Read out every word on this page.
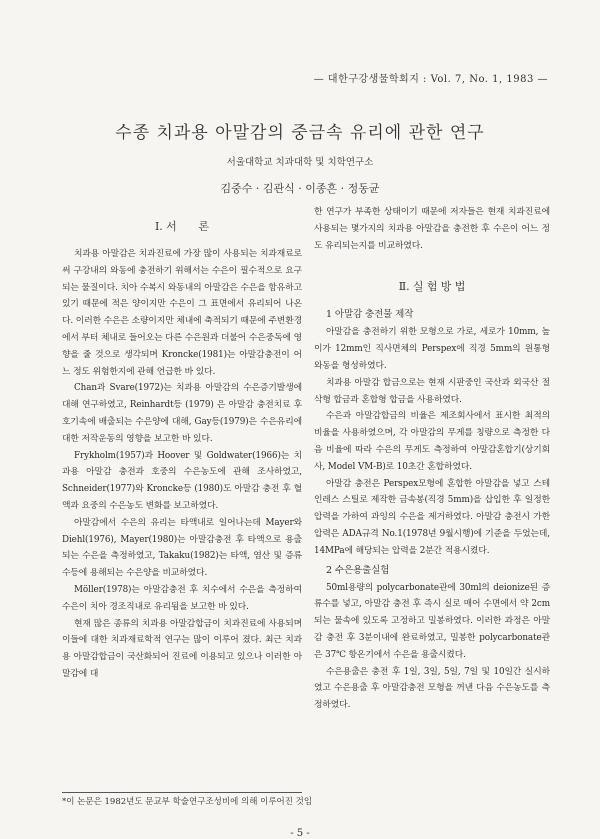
— 대한구강생물학회지 : Vol. 7, No. 1, 1983 —
수종 치과용 아말감의 중금속 유리에 관한 연구
서울대학교 치과대학 및 치학연구소
김중수 · 김관식 · 이종흔 · 정동균
Ⅰ. 서　　론

치과용 아말감은 치과진료에 가장 많이 사용되는 치과재료로써 구강내의 와동에 충전하기 위해서는 수은이 필수적으로 요구되는 물질이다. 치아 수복시 와동내의 아말감은 수은을 함유하고 있기 때문에 적은 양이지만 수은이 그 표면에서 유리되어 나온다. 이러한 수은은 소량이지만 체내에 축적되기 때문에 주변환경에서 부터 체내로 들어오는 다른 수은원과 더불어 수은중독에 영향을 줄 것으로 생각되며 Kroncke(1981)는 아말감충전이 어느 정도 위험한지에 관해 언급한 바 있다.

Chan과 Svare(1972)는 치과용 아말감의 수은증기발생에 대해 연구하였고, Reinhardt등 (1979) 은 아말감 충전치료 후 호기속에 배출되는 수은양에 대해, Gay등(1979)은 수은유리에 대한 저작운동의 영향을 보고한 바 있다.

Frykholm(1957)과 Hoover 및 Goldwater(1966)는 치과용 아말감 충전과 호중의 수은농도에 관해 조사하였고, Schneider(1977)와 Kroncke등 (1980)도 아말감 충전 후 혈액과 요중의 수은농도 변화를 보고하였다.

아말감에서 수은의 유리는 타액내로 일어나는데 Mayer와 Diehl(1976), Mayer(1980)는 아말감충전 후 타액으로 용출되는 수은을 측정하였고, Takaku(1982)는 타액, 염산 및 증류수등에 용해되는 수은양을 비교하였다.

Möller(1978)는 아말감충전 후 치수에서 수은을 측정하여 수은이 치아 경조직내로 유리됨을 보고한 바 있다.

현재 많은 종류의 치과용 아말감합금이 치과진료에 사용되며 이들에 대한 치과재료학적 연구는 많이 이루어 졌다. 최근 치과용 아말감합금이 국산화되어 진료에 이용되고 있으나 이러한 아말감에 대

한 연구가 부족한 상태이기 때문에 저자들은 현재 치과진료에 사용되는 몇가지의 치과용 아말감을 충전한 후 수은이 어느 정도 유리되는지를 비교하였다.

Ⅱ. 실 험 방 법
1 아말감 충전물 제작

아말감을 충전하기 위한 모형으로 가로, 세로가 10mm, 높이가 12mm인 직사면체의 Perspex에 직경 5mm의 원통형 와동을 형성하였다.

치과용 아말감 합금으로는 현재 시판중인 국산과 외국산 절삭형 합금과 혼합형 합금을 사용하였다.

수은과 아말감합금의 비율은 제조회사에서 표시한 최적의 비율을 사용하였으며, 각 아말감의 무게를 칭량으로 측정한 다음 비율에 따라 수은의 무게도 측정하여 아말감혼합기(상기회사, Model VM-B)로 10초간 혼합하였다.

아말감 충전은 Perspex모형에 혼합한 아말감을 넣고 스테인레스 스틸로 제작한 금속봉(직경 5mm)을 삽입한 후 일정한 압력을 가하여 과잉의 수은을 제거하였다. 아말감 충전시 가한 압력은 ADA규격 No.1(1978년 9월시행)에 기준을 두었는데, 14MPa에 해당되는 압력을 2분간 적용시켰다.

2 수은용출실험

50ml용량의 polycarbonate관에 30ml의 deionize된 증류수를 넣고, 아말감 충전 후 즉시 실로 매어 수면에서 약 2cm되는 물속에 있도록 고정하고 밀봉하였다. 이러한 과정은 아말감 충전 후 3분이내에 완료하였고, 밀봉한 polycarbonate관은 37℃ 항온기에서 수은을 용출시켰다.

수은용출은 충전 후 1일, 3일, 5일, 7일 및 10일간 실시하였고 수은용출 후 아말감충전 모형을 꺼낸 다음 수은농도를 측정하였다.

*이 논문은 1982년도 문교부 학술연구조성비에 의해 이루어진 것임
- 5 -
